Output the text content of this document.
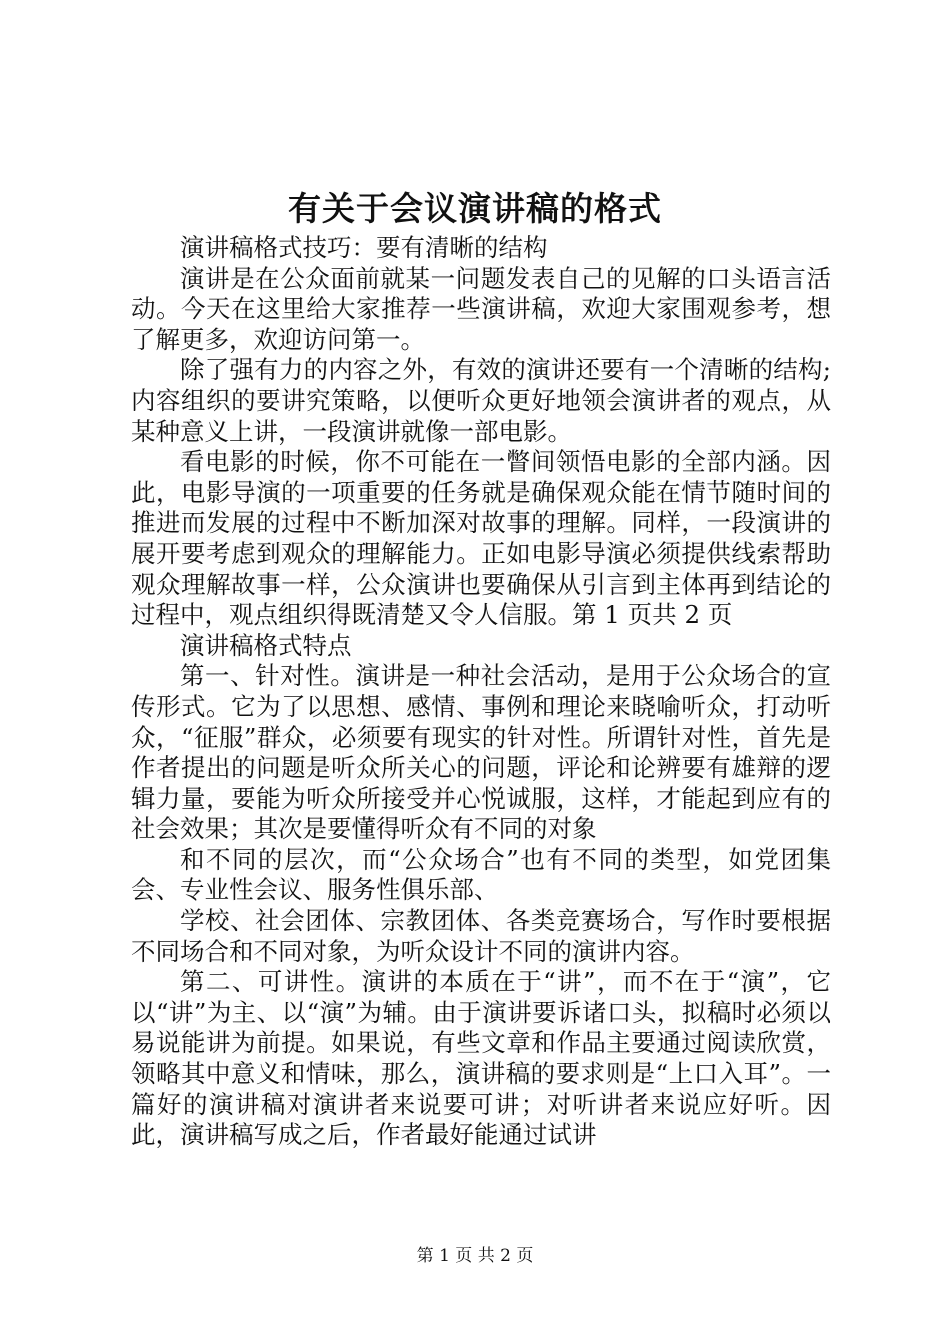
有关于会议演讲稿的格式

演讲稿格式技巧：要有清晰的结构

演讲是在公众面前就某一问题发表自己的见解的口头语言活动。今天在这里给大家推荐一些演讲稿，欢迎大家围观参考，想了解更多，欢迎访问第一。

除了强有力的内容之外，有效的演讲还要有一个清晰的结构;内容组织的要讲究策略，以便听众更好地领会演讲者的观点，从某种意义上讲，一段演讲就像一部电影。

看电影的时候，你不可能在一瞥间领悟电影的全部内涵。因此，电影导演的一项重要的任务就是确保观众能在情节随时间的推进而发展的过程中不断加深对故事的理解。同样，一段演讲的展开要考虑到观众的理解能力。正如电影导演必须提供线索帮助观众理解故事一样，公众演讲也要确保从引言到主体再到结论的过程中，观点组织得既清楚又令人信服。第 1 页共 2 页

演讲稿格式特点

第一、针对性。演讲是一种社会活动，是用于公众场合的宣传形式。它为了以思想、感情、事例和理论来晓喻听众，打动听众，“征服”群众，必须要有现实的针对性。所谓针对性，首先是作者提出的问题是听众所关心的问题，评论和论辨要有雄辩的逻辑力量，要能为听众所接受并心悦诚服，这样，才能起到应有的社会效果；其次是要懂得听众有不同的对象

和不同的层次，而“公众场合”也有不同的类型，如党团集会、专业性会议、服务性俱乐部、

学校、社会团体、宗教团体、各类竞赛场合，写作时要根据不同场合和不同对象，为听众设计不同的演讲内容。

第二、可讲性。演讲的本质在于“讲”，而不在于“演”，它以“讲”为主、以“演”为辅。由于演讲要诉诸口头，拟稿时必须以易说能讲为前提。如果说，有些文章和作品主要通过阅读欣赏，领略其中意义和情味，那么，演讲稿的要求则是“上口入耳”。一篇好的演讲稿对演讲者来说要可讲；对听讲者来说应好听。因此，演讲稿写成之后，作者最好能通过试讲

第 1 页 共 2 页
